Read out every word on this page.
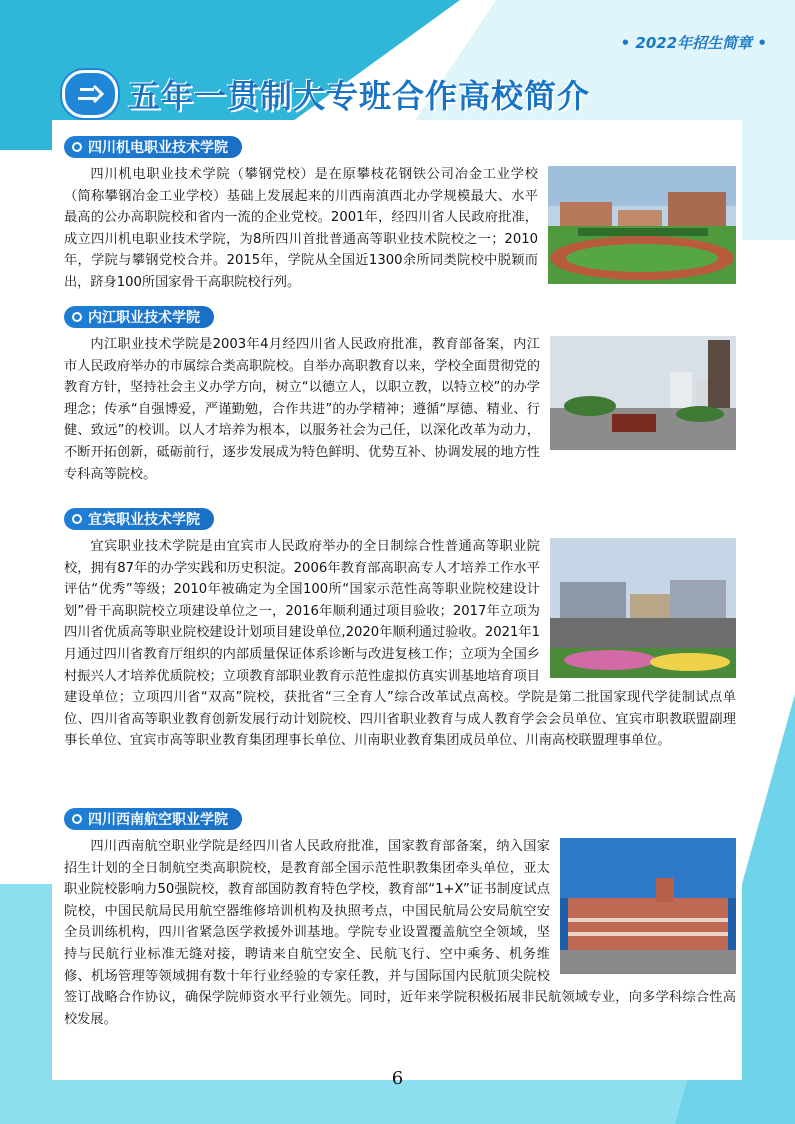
• 2022年招生简章 •
五年一贯制大专班合作高校简介
四川机电职业技术学院
四川机电职业技术学院（攀钢党校）是在原攀枝花钢铁公司冶金工业学校（简称攀钢冶金工业学校）基础上发展起来的川西南滇西北办学规模最大、水平最高的公办高职院校和省内一流的企业党校。2001年，经四川省人民政府批准，成立四川机电职业技术学院，为8所四川首批普通高等职业技术院校之一；2010年，学院与攀钢党校合并。2015年，学院从全国近1300余所同类院校中脱颖而出，跻身100所国家骨干高职院校行列。
内江职业技术学院
内江职业技术学院是2003年4月经四川省人民政府批准，教育部备案，内江市人民政府举办的市属综合类高职院校。自举办高职教育以来，学校全面贯彻党的教育方针，坚持社会主义办学方向，树立“以德立人，以职立教，以特立校”的办学理念；传承“自强博爱，严谨勤勉，合作共进”的办学精神；遵循“厚德、精业、行健、致远”的校训。以人才培养为根本，以服务社会为己任，以深化改革为动力，不断开拓创新，砥砺前行，逐步发展成为特色鲜明、优势互补、协调发展的地方性专科高等院校。
宜宾职业技术学院
宜宾职业技术学院是由宜宾市人民政府举办的全日制综合性普通高等职业院校，拥有87年的办学实践和历史积淀。2006年教育部高职高专人才培养工作水平评估“优秀”等级；2010年被确定为全国100所“国家示范性高等职业院校建设计划”骨干高职院校立项建设单位之一，2016年顺利通过项目验收；2017年立项为四川省优质高等职业院校建设计划项目建设单位,2020年顺利通过验收。2021年1月通过四川省教育厅组织的内部质量保证体系诊断与改进复核工作；立项为全国乡村振兴人才培养优质院校；立项教育部职业教育示范性虚拟仿真实训基地培育项目建设单位；立项四川省“双高”院校，获批省“三全育人”综合改革试点高校。学院是第二批国家现代学徒制试点单位、四川省高等职业教育创新发展行动计划院校、四川省职业教育与成人教育学会会员单位、宜宾市职教联盟副理事长单位、宜宾市高等职业教育集团理事长单位、川南职业教育集团成员单位、川南高校联盟理事单位。
四川西南航空职业学院
四川西南航空职业学院是经四川省人民政府批准，国家教育部备案，纳入国家招生计划的全日制航空类高职院校，是教育部全国示范性职教集团牵头单位，亚太职业院校影响力50强院校，教育部国防教育特色学校，教育部“1+X”证书制度试点院校，中国民航局民用航空器维修培训机构及执照考点，中国民航局公安局航空安全员训练机构，四川省紧急医学救援外训基地。学院专业设置覆盖航空全领域，坚持与民航行业标准无缝对接，聘请来自航空安全、民航飞行、空中乘务、机务维修、机场管理等领域拥有数十年行业经验的专家任教，并与国际国内民航顶尖院校签订战略合作协议，确保学院师资水平行业领先。同时，近年来学院积极拓展非民航领域专业，向多学科综合性高校发展。
6
